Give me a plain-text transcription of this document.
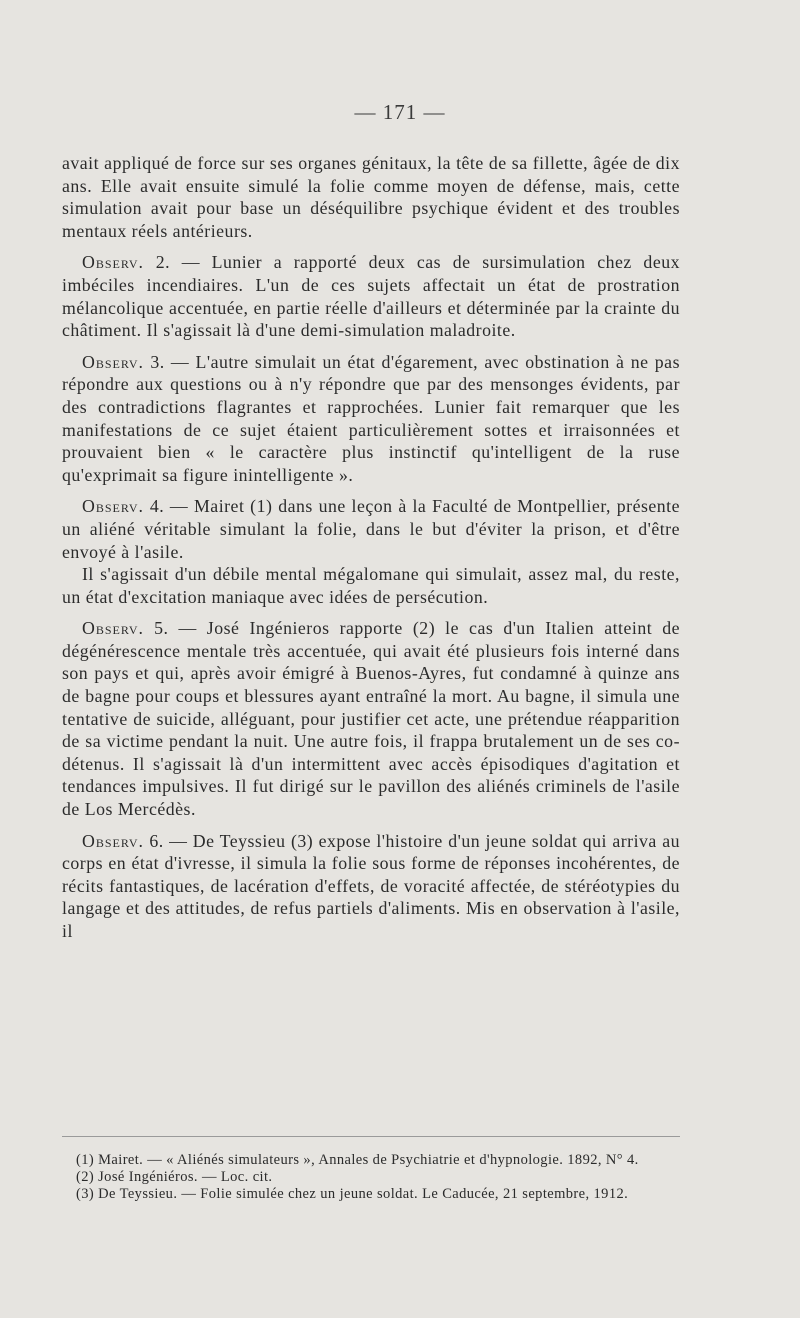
— 171 —

avait appliqué de force sur ses organes génitaux, la tête de sa fillette, âgée de dix ans. Elle avait ensuite simulé la folie comme moyen de défense, mais, cette simulation avait pour base un déséquilibre psychique évident et des troubles mentaux réels antérieurs.

Observ. 2. — Lunier a rapporté deux cas de sursimulation chez deux imbéciles incendiaires. L'un de ces sujets affectait un état de prostration mélancolique accentuée, en partie réelle d'ailleurs et déterminée par la crainte du châtiment. Il s'agissait là d'une demi-simulation maladroite.

Observ. 3. — L'autre simulait un état d'égarement, avec obstination à ne pas répondre aux questions ou à n'y répondre que par des mensonges évidents, par des contradictions flagrantes et rapprochées. Lunier fait remarquer que les manifestations de ce sujet étaient particulièrement sottes et irraisonnées et prouvaient bien « le caractère plus instinctif qu'intelligent de la ruse qu'exprimait sa figure inintelligente ».

Observ. 4. — Mairet (1) dans une leçon à la Faculté de Montpellier, présente un aliéné véritable simulant la folie, dans le but d'éviter la prison, et d'être envoyé à l'asile.

Il s'agissait d'un débile mental mégalomane qui simulait, assez mal, du reste, un état d'excitation maniaque avec idées de persécution.

Observ. 5. — José Ingénieros rapporte (2) le cas d'un Italien atteint de dégénérescence mentale très accentuée, qui avait été plusieurs fois interné dans son pays et qui, après avoir émigré à Buenos-Ayres, fut condamné à quinze ans de bagne pour coups et blessures ayant entraîné la mort. Au bagne, il simula une tentative de suicide, alléguant, pour justifier cet acte, une prétendue réapparition de sa victime pendant la nuit. Une autre fois, il frappa brutalement un de ses co-détenus. Il s'agissait là d'un intermittent avec accès épisodiques d'agitation et tendances impulsives. Il fut dirigé sur le pavillon des aliénés criminels de l'asile de Los Mercédès.

Observ. 6. — De Teyssieu (3) expose l'histoire d'un jeune soldat qui arriva au corps en état d'ivresse, il simula la folie sous forme de réponses incohérentes, de récits fantastiques, de lacération d'effets, de voracité affectée, de stéréotypies du langage et des attitudes, de refus partiels d'aliments. Mis en observation à l'asile, il

(1) Mairet. — « Aliénés simulateurs », Annales de Psychiatrie et d'hypnologie. 1892, N° 4.

(2) José Ingéniéros. — Loc. cit.

(3) De Teyssieu. — Folie simulée chez un jeune soldat. Le Caducée, 21 septembre, 1912.
